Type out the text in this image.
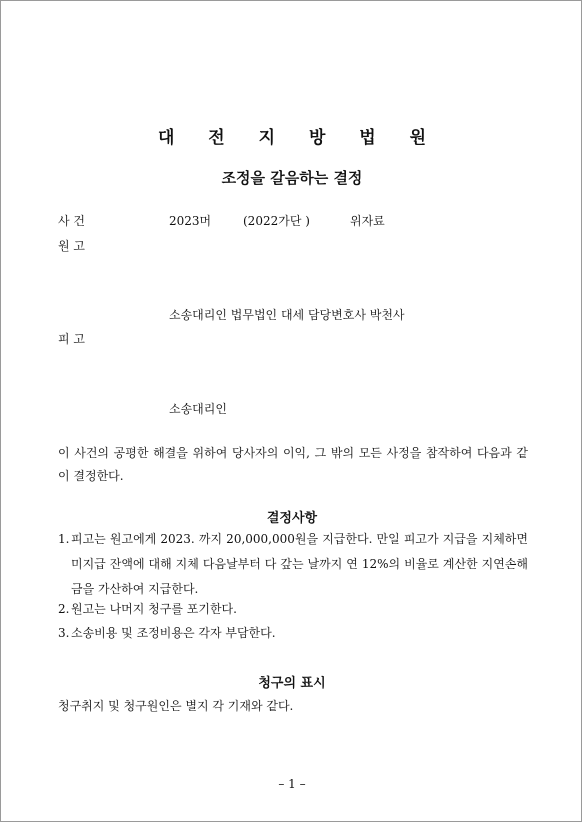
대 전 지 방 법 원
조정을 갈음하는 결정
사 건	2023머	(2022가단 )	위자료
원 고
소송대리인 법무법인 대세 담당변호사 박천사
피 고
소송대리인
이 사건의 공평한 해결을 위하여 당사자의 이익, 그 밖의 모든 사정을 참작하여 다음과 같이 결정한다.
결정사항
1. 피고는 원고에게 2023. 까지 20,000,000원을 지급한다. 만일 피고가 지급을 지체하면 미지급 잔액에 대해 지체 다음날부터 다 갚는 날까지 연 12%의 비율로 계산한 지연손해금을 가산하여 지급한다.
2. 원고는 나머지 청구를 포기한다.
3. 소송비용 및 조정비용은 각자 부담한다.
청구의 표시
청구취지 및 청구원인은 별지 각 기재와 같다.
– 1 –
